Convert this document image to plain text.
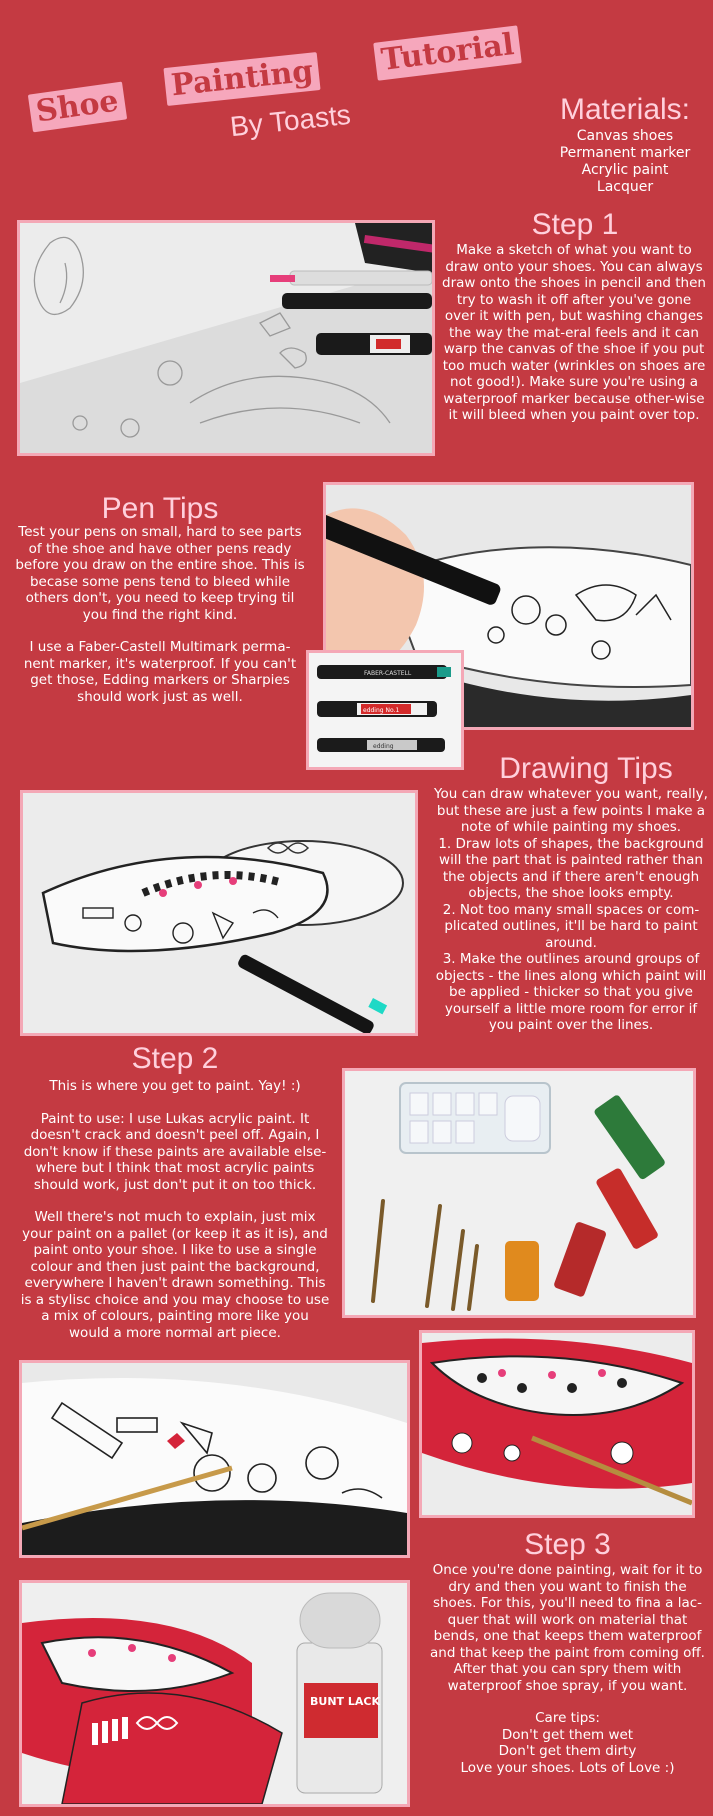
Shoe
Painting
Tutorial
By Toasts	Materials:
Canvas shoes
Permanent marker
Acrylic paint
Lacquer
Step 1
Make a sketch of what you want to draw onto your shoes. You can always draw onto the shoes in pencil and then try to wash it off after you've gone over it with pen, but washing changes the way the mat-eral feels and it can warp the canvas of the shoe if you put too much water (wrinkles on shoes are not good!). Make sure you're using a waterproof marker because other-wise it will bleed when you paint over top.
Pen Tips

Test your pens on small, hard to see parts of the shoe and have other pens ready before you draw on the entire shoe. This is becase some pens tend to bleed while others don't, you need to keep trying til you find the right kind.

I use a Faber-Castell Multimark perma-nent marker, it's waterproof. If you can't get those, Edding markers or Sharpies should work just as well.

FABER-CASTELL
edding No.1
edding
Drawing Tips
You can draw whatever you want, really, but these are just a few points I make a note of while painting my shoes.
1. Draw lots of shapes, the background will the part that is painted rather than the objects and if there aren't enough objects, the shoe looks empty.
2. Not too many small spaces or com-plicated outlines, it'll be hard to paint around.
3. Make the outlines around groups of objects - the lines along which paint will be applied - thicker so that you give yourself a little more room for error if you paint over the lines.
Step 2

This is where you get to paint. Yay! :)

Paint to use: I use Lukas acrylic paint. It doesn't crack and doesn't peel off. Again, I don't know if these paints are available else-where but I think that most acrylic paints should work, just don't put it on too thick.

Well there's not much to explain, just mix your paint on a pallet (or keep it as it is), and paint onto your shoe. I like to use a single colour and then just paint the background, everywhere I haven't drawn something. This is a stylisc choice and you may choose to use a mix of colours, painting more like you would a more normal art piece.

Step 3

Once you're done painting, wait for it to dry and then you want to finish the shoes. For this, you'll need to fina a lac-quer that will work on material that bends, one that keeps them waterproof and that keep the paint from coming off. After that you can spry them with waterproof shoe spray, if you want.

Care tips:
Don't get them wet
Don't get them dirty
Love your shoes. Lots of Love :)
BUNT LACK
